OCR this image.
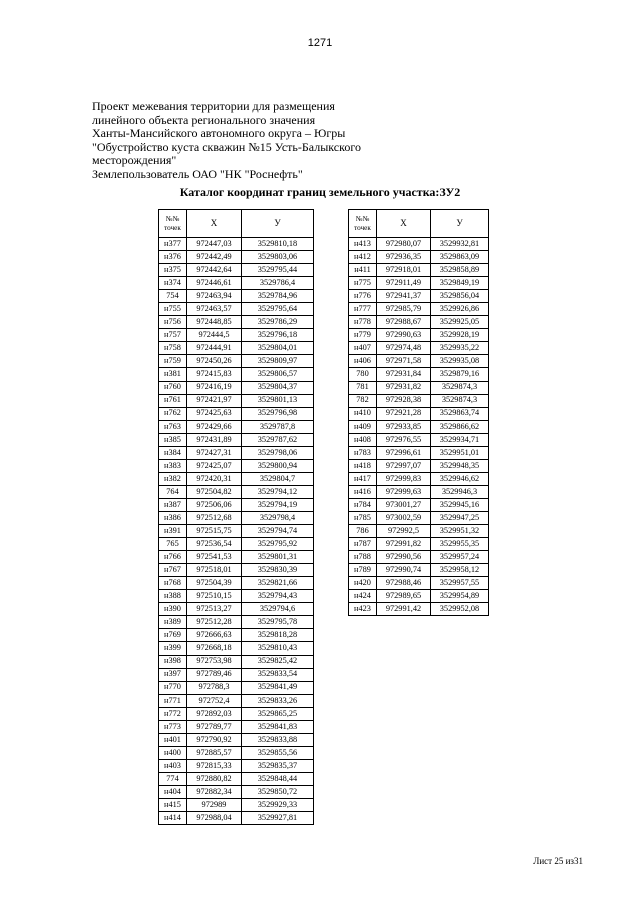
1271
Проект межевания территории для размещения
линейного объекта регионального значения
Ханты-Мансийского автономного округа – Югры
"Обустройство куста скважин №15 Усть-Балыкского
месторождения"
Землепользователь ОАО "НК "Роснефть"
Каталог координат границ земельного участка:ЗУ2
№№
точек	X	У
н377	972447,03	3529810,18
н376	972442,49	3529803,06
н375	972442,64	3529795,44
н374	972446,61	3529786,4
754	972463,94	3529784,96
н755	972463,57	3529795,64
н756	972448,85	3529786,29
н757	972444,5	3529796,18
н758	972444,91	3529804,01
н759	972450,26	3529809,97
н381	972415,83	3529806,57
н760	972416,19	3529804,37
н761	972421,97	3529801,13
н762	972425,63	3529796,98
н763	972429,66	3529787,8
н385	972431,89	3529787,62
н384	972427,31	3529798,06
н383	972425,07	3529800,94
н382	972420,31	3529804,7
764	972504,82	3529794,12
н387	972506,06	3529794,19
н386	972512,68	3529798,4
н391	972515,75	3529794,74
765	972536,54	3529795,92
н766	972541,53	3529801,31
н767	972518,01	3529830,39
н768	972504,39	3529821,66
н388	972510,15	3529794,43
н390	972513,27	3529794,6
н389	972512,28	3529795,78
н769	972666,63	3529818,28
н399	972668,18	3529810,43
н398	972753,98	3529825,42
н397	972789,46	3529833,54
н770	972788,3	3529841,49
н771	972752,4	3529833,26
н772	972892,03	3529865,25
н773	972789,77	3529841,83
н401	972790,92	3529833,88
н400	972885,57	3529855,56
н403	972815,33	3529835,37
774	972880,82	3529848,44
н404	972882,34	3529850,72
н415	972989	3529929,33
н414	972988,04	3529927,81
№№
точек	X	У
н413	972980,07	3529932,81
н412	972936,35	3529863,09
н411	972918,01	3529858,89
н775	972911,49	3529849,19
н776	972941,37	3529856,04
н777	972985,79	3529926,86
н778	972988,67	3529925,05
н779	972990,63	3529928,19
н407	972974,48	3529935,22
н406	972971,58	3529935,08
780	972931,84	3529879,16
781	972931,82	3529874,3
782	972928,38	3529874,3
н410	972921,28	3529863,74
н409	972933,85	3529866,62
н408	972976,55	3529934,71
н783	972996,61	3529951,01
н418	972997,07	3529948,35
н417	972999,83	3529946,62
н416	972999,63	3529946,3
н784	973001,27	3529945,16
н785	973002,59	3529947,25
786	972992,5	3529951,32
н787	972991,82	3529955,35
н788	972990,56	3529957,24
н789	972990,74	3529958,12
н420	972988,46	3529957,55
н424	972989,65	3529954,89
н423	972991,42	3529952,08
Лист 25 из31
